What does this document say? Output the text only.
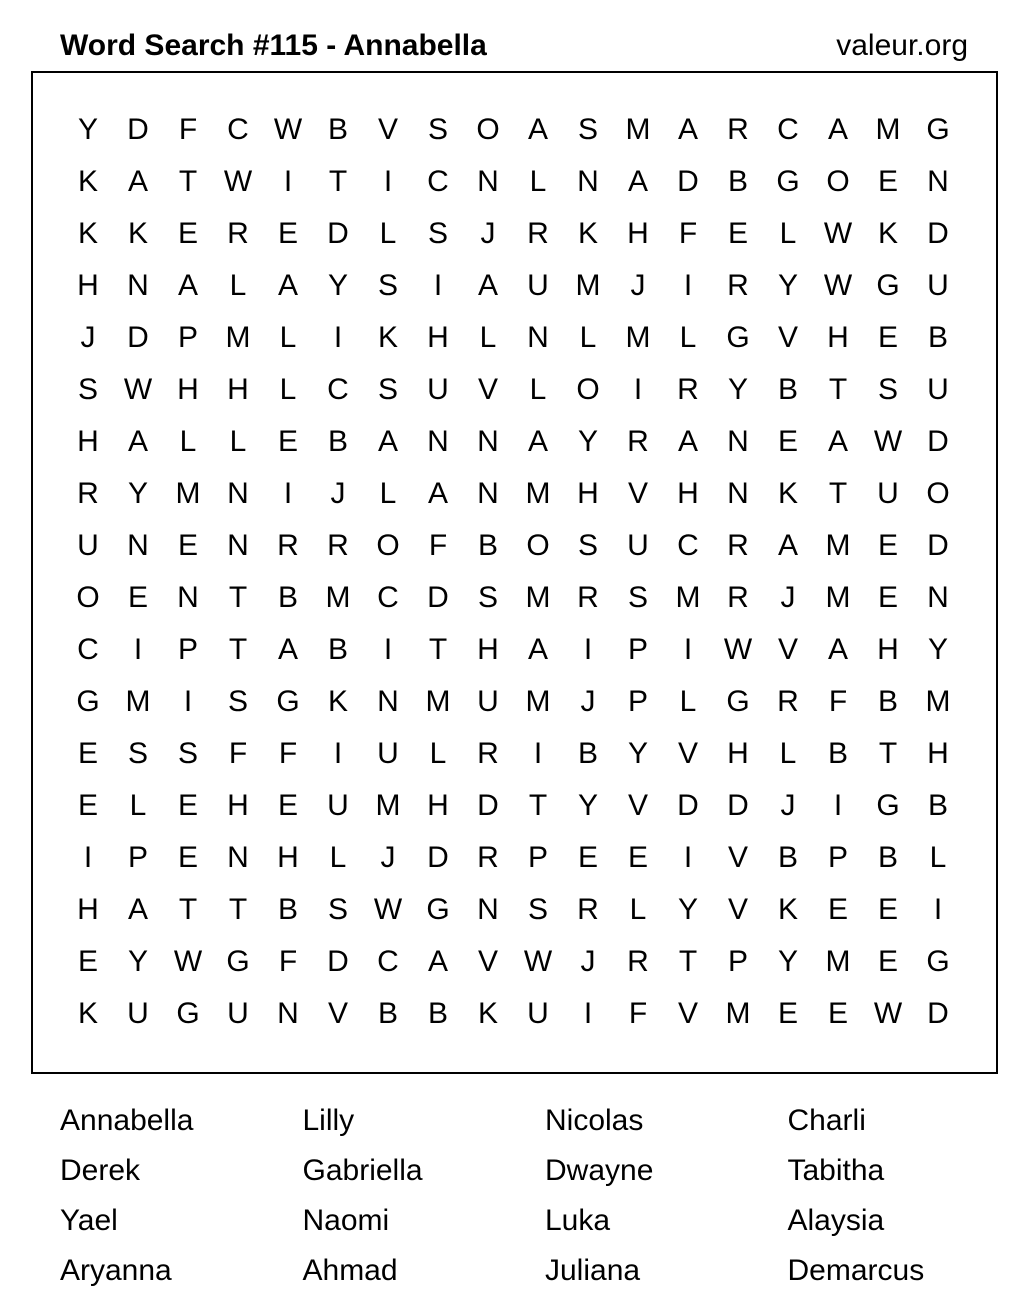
Word Search #115 - Annabella	valeur.org
Y D	F	C W B V S O A S M A R C A M G
K A	T W	I	T	I	C N	L	N A D B G O E N
K K E R E D	L	S	J	R K H	F	E	L W K D
H N A	L	A Y S	I	A U M	J	I	R Y W G U
J	D P M L	I	K H	L	N	L M L G V H E B
S W H H	L	C S U V	L O	I	R Y B	T	S U
H A	L	L	E B A N N A Y R A N E A W D
R Y M N	I	J	L	A N M H V H N K	T	U O
U N E N R R O F	B O S U C R A M E D
O E N	T	B M C D S M R S M R	J	M E N
C	I	P	T	A B	I	T	H A	I	P	I	W V A H Y
G M	I	S G K N M U M	J	P	L G R	F	B M
E S S	F	F	I	U	L	R	I	B Y V H	L	B	T	H
E	L	E H E U M H D	T	Y V D D	J	I	G B
I	P E N H	L	J	D R P E E	I	V B P B	L
H A	T	T	B S W G N S R	L	Y V K E E	I
E Y W G F	D C A V W J	R	T	P Y M E G
K U G U N V B B K U	I	F	V M E E W D
Annabella	Lilly	Nicolas	Charli
Derek	Gabriella	Dwayne	Tabitha
Yael	Naomi	Luka	Alaysia
Aryanna	Ahmad	Juliana	Demarcus
